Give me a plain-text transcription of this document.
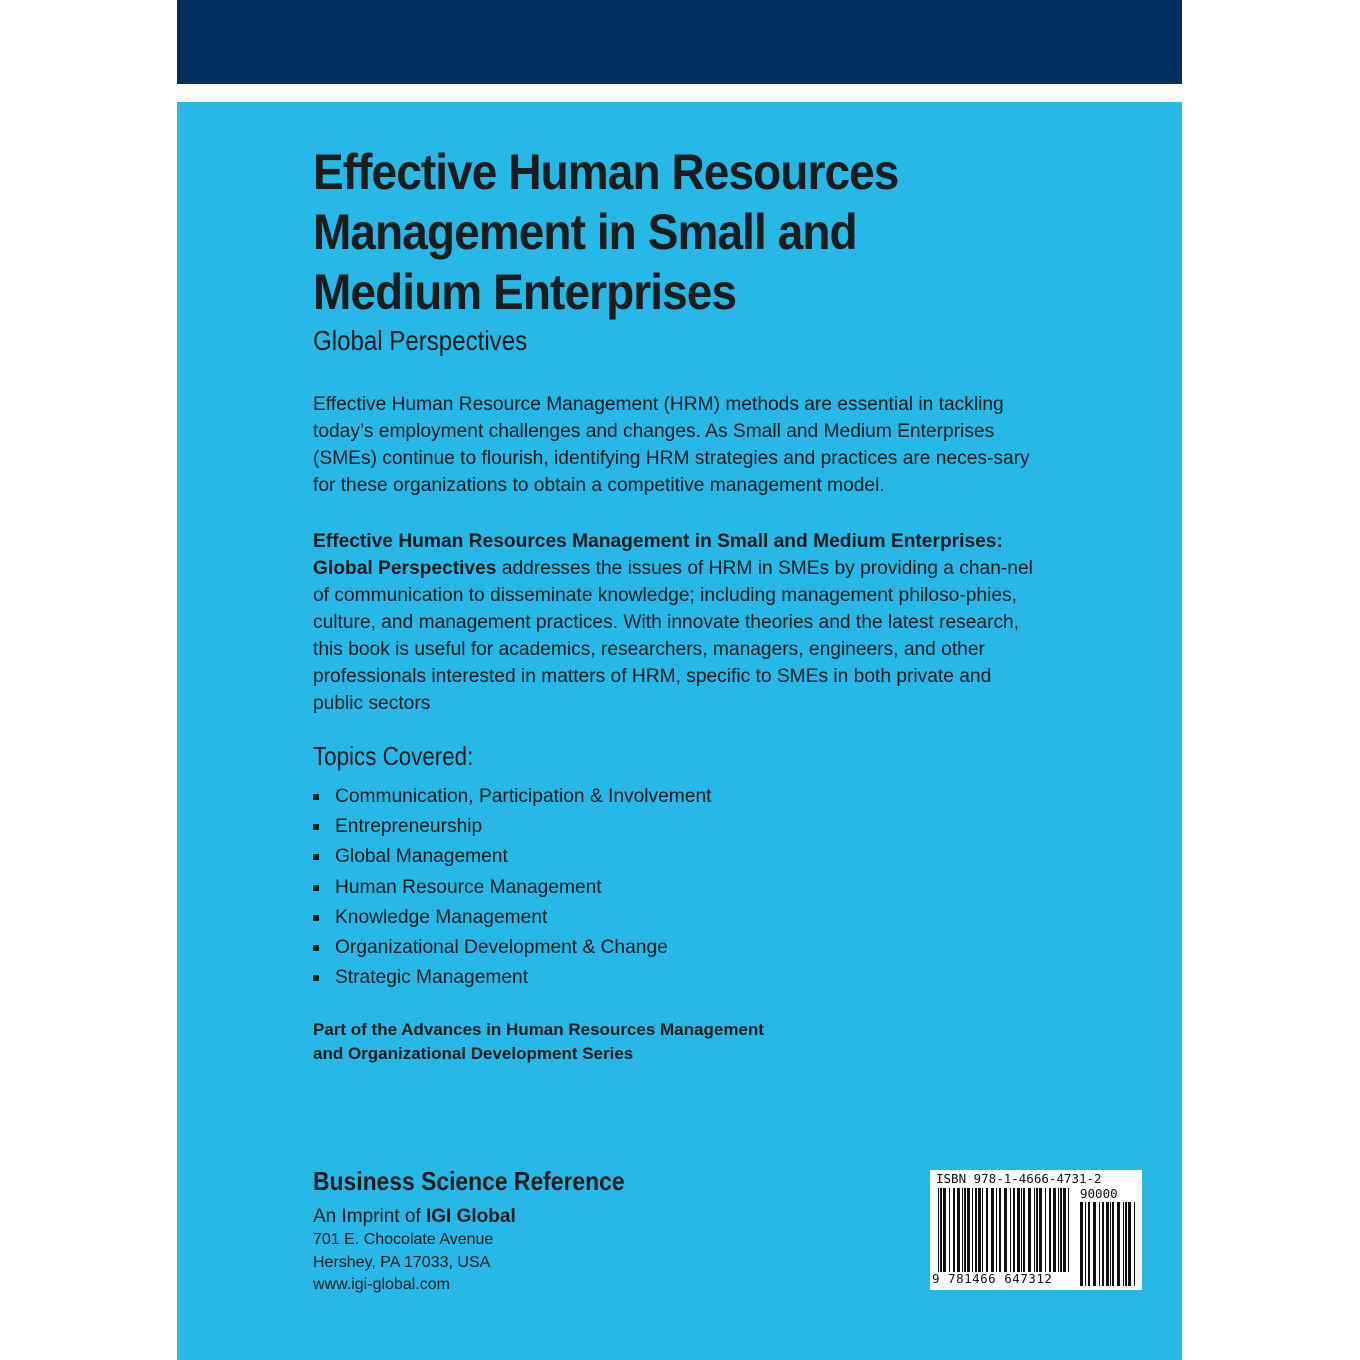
Effective Human Resources Management in Small and Medium Enterprises
Global Perspectives

Effective Human Resource Management (HRM) methods are essential in tackling today’s employment challenges and changes. As Small and Medium Enterprises (SMEs) continue to flourish, identifying HRM strategies and practices are neces-sary for these organizations to obtain a competitive management model.

Effective Human Resources Management in Small and Medium Enterprises: Global Perspectives addresses the issues of HRM in SMEs by providing a chan-nel of communication to disseminate knowledge; including management philoso-phies, culture, and management practices. With innovate theories and the latest research, this book is useful for academics, researchers, managers, engineers, and other professionals interested in matters of HRM, specific to SMEs in both private and public sectors

Topics Covered:
Communication, Participation & Involvement
Entrepreneurship
Global Management
Human Resource Management
Knowledge Management
Organizational Development & Change
Strategic Management
Part of the Advances in Human Resources Management
and Organizational Development Series
Business Science Reference
An Imprint of IGI Global
701 E. Chocolate Avenue
Hershey, PA 17033, USA
www.igi-global.com
ISBN 978-1-4666-4731-2
90000
9 781466 647312
